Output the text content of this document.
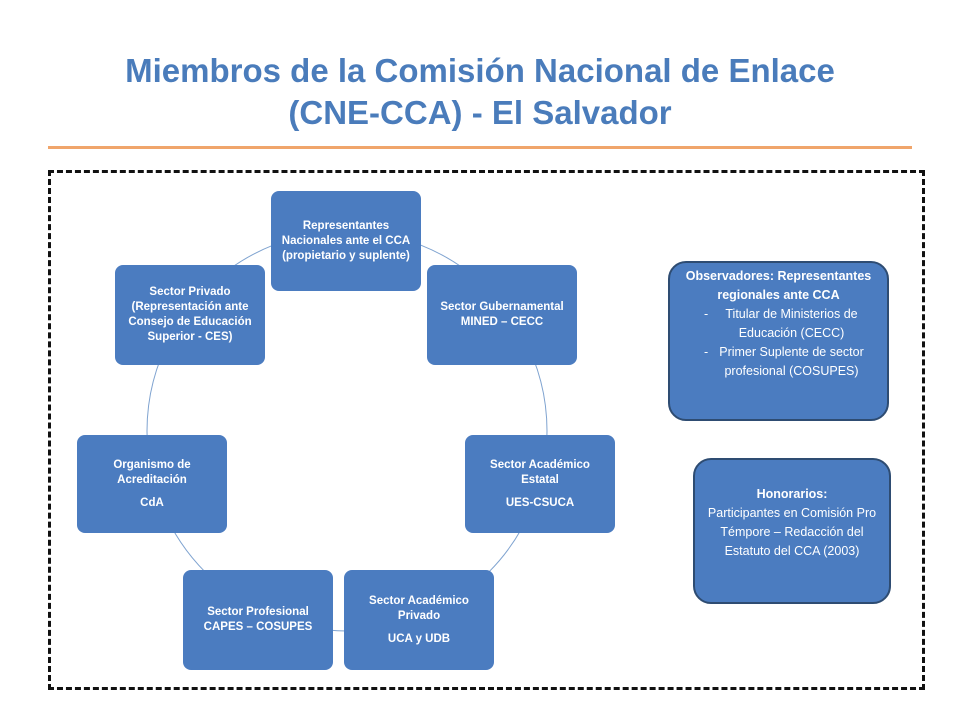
Miembros de la Comisión Nacional de Enlace
(CNE-CCA) - El Salvador
Representantes Nacionales ante el CCA (propietario y suplente)
Sector Gubernamental MINED – CECC
Sector Académico Estatal
UES-CSUCA
Sector Académico Privado
UCA y UDB
Sector Profesional CAPES – COSUPES
Organismo de Acreditación
CdA
Sector Privado (Representación ante Consejo de Educación Superior - CES)
Observadores: Representantes regionales ante CCA
- Titular de Ministerios de Educación (CECC)
- Primer Suplente de sector profesional (COSUPES)
Honorarios:
Participantes en Comisión Pro Témpore – Redacción del Estatuto del CCA (2003)
